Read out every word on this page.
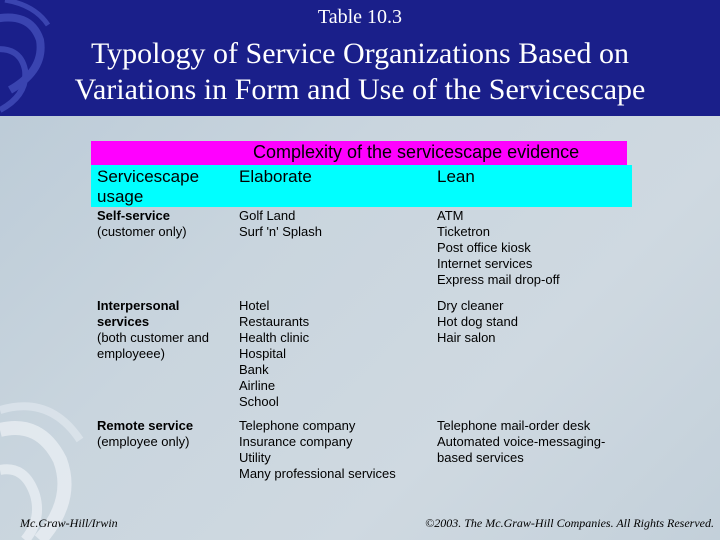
Table 10.3
Typology of Service Organizations Based on
Variations in Form and Use of the Servicescape
Complexity of the servicescape evidence
Servicescape
usage
Elaborate	Lean
Self-service
(customer only)
Golf Land
Surf 'n' Splash
ATM
Ticketron
Post office kiosk
Internet services
Express mail drop-off
Interpersonal
services
(both customer and
employeee)
Hotel
Restaurants
Health clinic
Hospital
Bank
Airline
School
Dry cleaner
Hot dog stand
Hair salon
Remote service
(employee only)
Telephone company
Insurance company
Utility
Many professional services
Telephone mail-order desk
Automated voice-messaging-
based services
Mc.Graw-Hill/Irwin	©2003. The Mc.Graw-Hill Companies. All Rights Reserved.
